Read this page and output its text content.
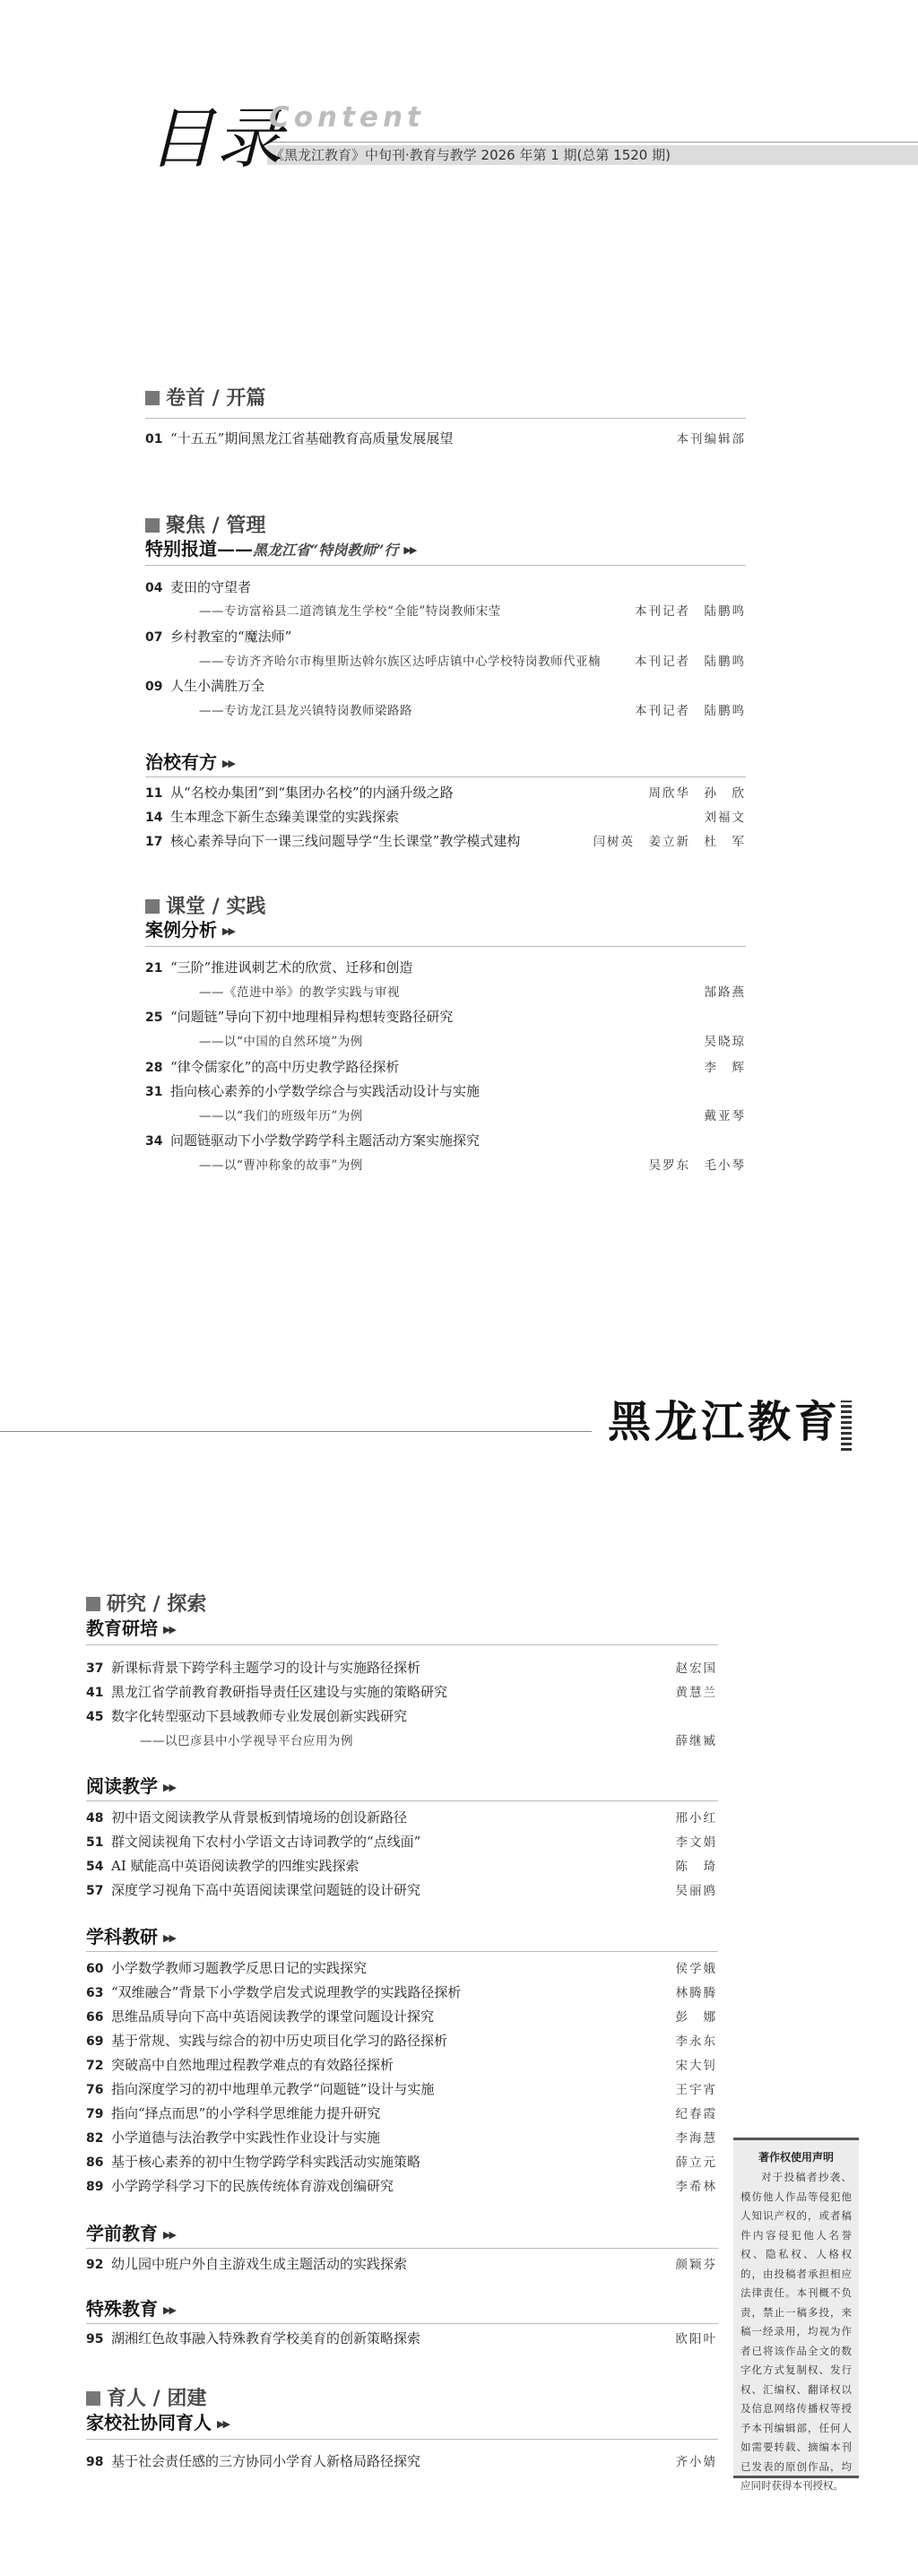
目录
Content
《黑龙江教育》中旬刊·教育与教学 2026 年第 1 期(总第 1520 期)
卷首 / 开篇
01 “十五五”期间黑龙江省基础教育高质量发展展望	本刊编辑部
聚焦 / 管理
特别报道——黑龙江省“特岗教师”行 ▶▶
04 麦田的守望者
——专访富裕县二道湾镇龙生学校“全能”特岗教师宋莹	本刊记者　陆鹏鸣
07 乡村教室的“魔法师”
——专访齐齐哈尔市梅里斯达斡尔族区达呼店镇中心学校特岗教师代亚楠	本刊记者　陆鹏鸣
09 人生小满胜万全
——专访龙江县龙兴镇特岗教师梁路路	本刊记者　陆鹏鸣
治校有方 ▶▶
11 从“名校办集团”到“集团办名校”的内涵升级之路	周欣华　孙　欣
14 生本理念下新生态臻美课堂的实践探索	刘福文
17 核心素养导向下一课三线问题导学“生长课堂”教学模式建构	闫树英　姜立新　杜　军
课堂 / 实践
案例分析 ▶▶
21 “三阶”推进讽刺艺术的欣赏、迁移和创造
——《范进中举》的教学实践与审视	郜路燕
25 “问题链”导向下初中地理相异构想转变路径研究
——以“中国的自然环境”为例	吴晓琼
28 “律令儒家化”的高中历史教学路径探析	李　辉
31 指向核心素养的小学数学综合与实践活动设计与实施
——以“我们的班级年历”为例	戴亚琴
34 问题链驱动下小学数学跨学科主题活动方案实施探究
——以“曹冲称象的故事”为例	吴罗东　毛小琴
黑龙江教育
研究 / 探索
教育研培 ▶▶
37 新课标背景下跨学科主题学习的设计与实施路径探析	赵宏国
41 黑龙江省学前教育教研指导责任区建设与实施的策略研究	黄慧兰
45 数字化转型驱动下县域教师专业发展创新实践研究
——以巴彦县中小学视导平台应用为例	薛继臧
阅读教学 ▶▶
48 初中语文阅读教学从背景板到情境场的创设新路径	邢小红
51 群文阅读视角下农村小学语文古诗词教学的“点线面”	李文娟
54 AI 赋能高中英语阅读教学的四维实践探索	陈　琦
57 深度学习视角下高中英语阅读课堂问题链的设计研究	吴丽鸥
学科教研 ▶▶
60 小学数学教师习题教学反思日记的实践探究	侯学娥
63 “双维融合”背景下小学数学启发式说理教学的实践路径探析	林腾腾
66 思维品质导向下高中英语阅读教学的课堂问题设计探究	彭　娜
69 基于常规、实践与综合的初中历史项目化学习的路径探析	李永东
72 突破高中自然地理过程教学难点的有效路径探析	宋大钊
76 指向深度学习的初中地理单元教学“问题链”设计与实施	王宇宵
79 指向“择点而思”的小学科学思维能力提升研究	纪春霞
82 小学道德与法治教学中实践性作业设计与实施	李海慧
86 基于核心素养的初中生物学跨学科实践活动实施策略	薛立元
89 小学跨学科学习下的民族传统体育游戏创编研究	李希林
学前教育 ▶▶
92 幼儿园中班户外自主游戏生成主题活动的实践探索	颜颖芬
特殊教育 ▶▶
95 湖湘红色故事融入特殊教育学校美育的创新策略探索	欧阳叶
育人 / 团建
家校社协同育人 ▶▶
98 基于社会责任感的三方协同小学育人新格局路径探究	齐小婧
著作权使用声明
对于投稿者抄袭、模仿他人作品等侵犯他人知识产权的，或者稿件内容侵犯他人名誉权、隐私权、人格权的，由投稿者承担相应法律责任。本刊概不负责，禁止一稿多投，来稿一经录用，均视为作者已将该作品全文的数字化方式复制权、发行权、汇编权、翻译权以及信息网络传播权等授予本刊编辑部，任何人如需要转载、摘编本刊已发表的原创作品，均应同时获得本刊授权。
